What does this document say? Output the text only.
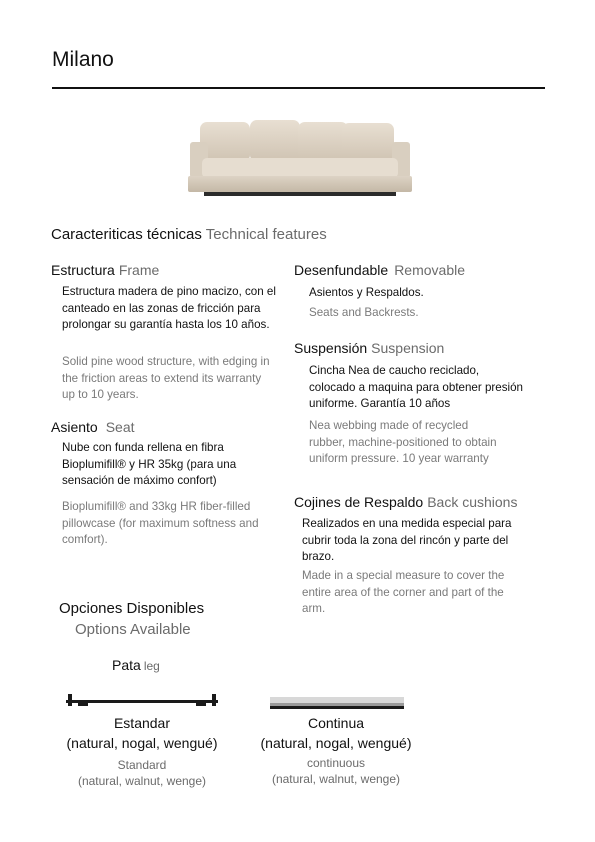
Milano
Caracteriticas técnicas Technical features
Estructura Frame
Estructura madera de pino macizo, con el canteado en las zonas de fricción para prolongar su garantía hasta los 10 años.
Solid pine wood structure, with edging in the friction areas to extend its warranty up to 10 years.
Asiento Seat
Nube con funda rellena en fibra Bioplumifill® y HR 35kg (para una sensación de máximo confort)
Bioplumifill® and 33kg HR fiber-filled pillowcase (for maximum softness and comfort).
Desenfundable Removable
Asientos y Respaldos.
Seats and Backrests.
Suspensión Suspension
Cincha Nea de caucho reciclado, colocado a maquina para obtener presión uniforme. Garantía 10 años
Nea webbing made of recycled rubber, machine-positioned to obtain uniform pressure. 10 year warranty
Cojines de Respaldo Back cushions
Realizados en una medida especial para cubrir toda la zona del rincón y parte del brazo.
Made in a special measure to cover the entire area of the corner and part of the arm.
Opciones Disponibles
Options Available
Pata leg
Estandar
(natural, nogal, wengué)
Standard
(natural, walnut, wenge)
Continua
(natural, nogal, wengué)
continuous
(natural, walnut, wenge)
